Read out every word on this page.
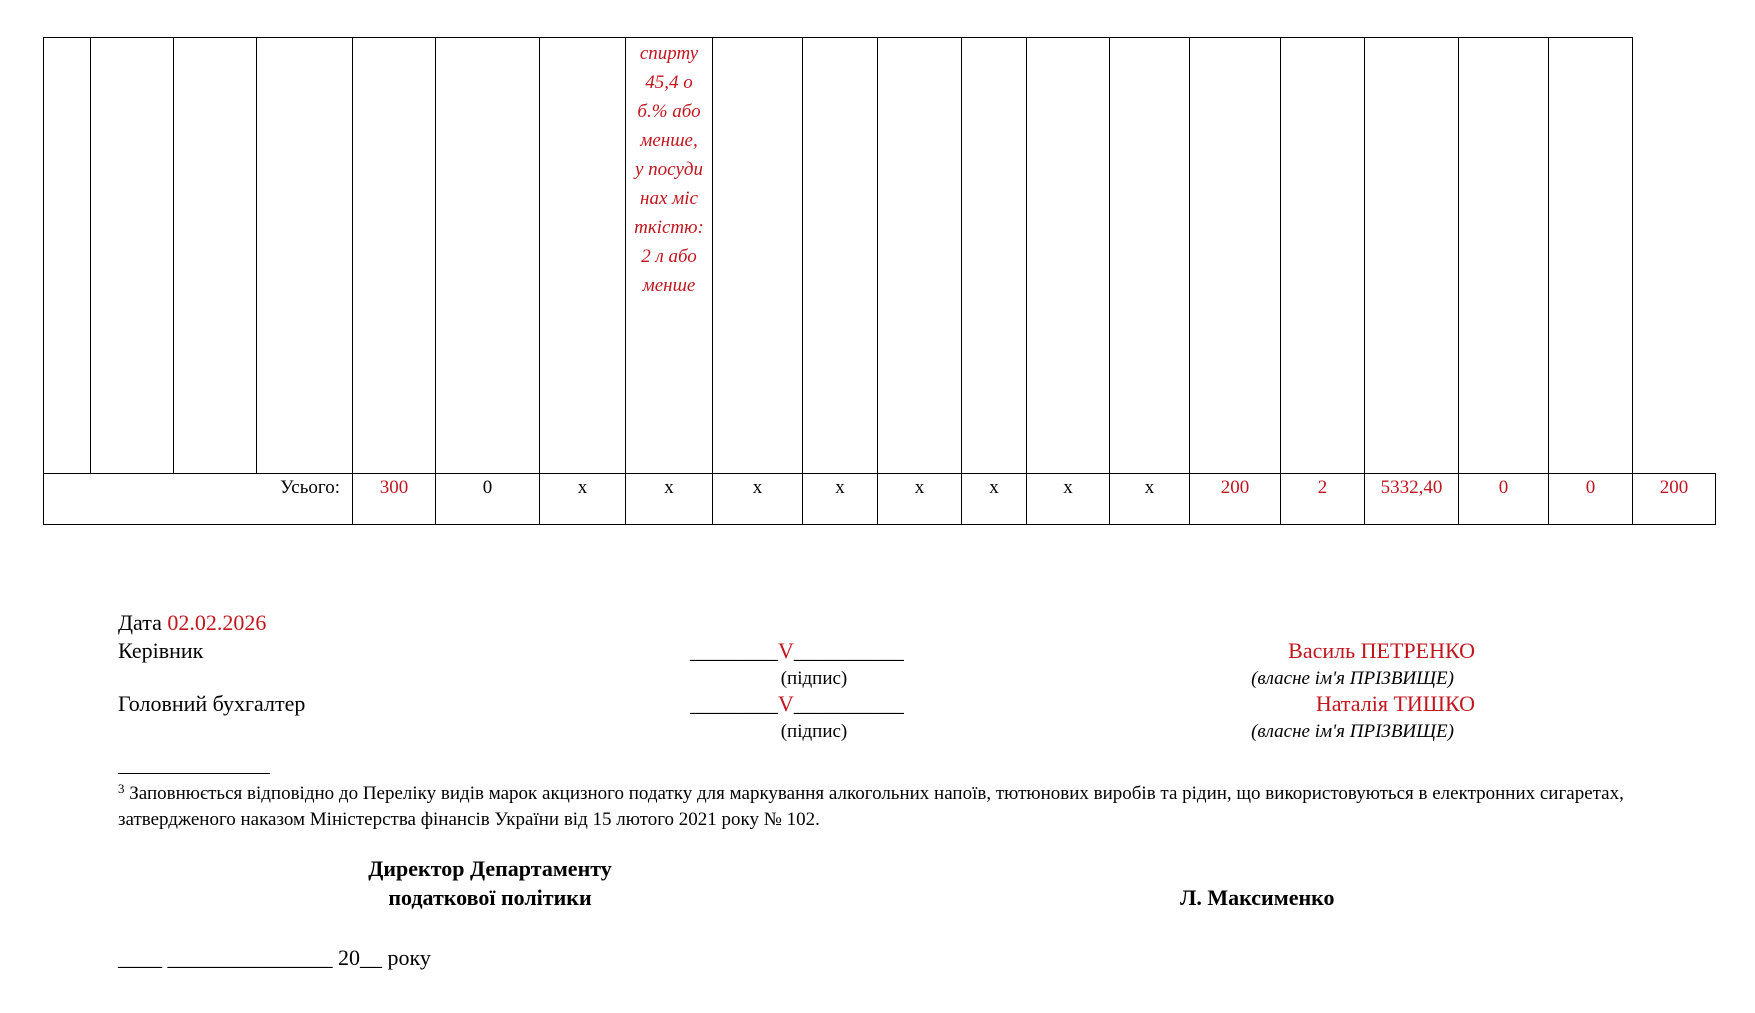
							спирту 45,4 об.% або менше, у посудинах місткістю: 2 л або менше												
Усього:				300	0	х	х	х	х	х	х	х	х	200	2	5332,40	0	0	200
Дата 02.02.2026
Керівник	________V__________
(підпис)
Василь ПЕТРЕНКО
(власне ім'я ПРІЗВИЩЕ)
Головний бухгалтер	________V__________
(підпис)
Наталія ТИШКО
(власне ім'я ПРІЗВИЩЕ)
$^3$ Заповнюється відповідно до Переліку видів марок акцизного податку для маркування алкогольних напоїв, тютюнових виробів та рідин, що використовуються в електронних сигаретах, затвердженого наказом Міністерства фінансів України від 15 лютого 2021 року № 102.
Директор Департаменту
податкової політики	Л. Максименко
____ _______________ 20__ року
